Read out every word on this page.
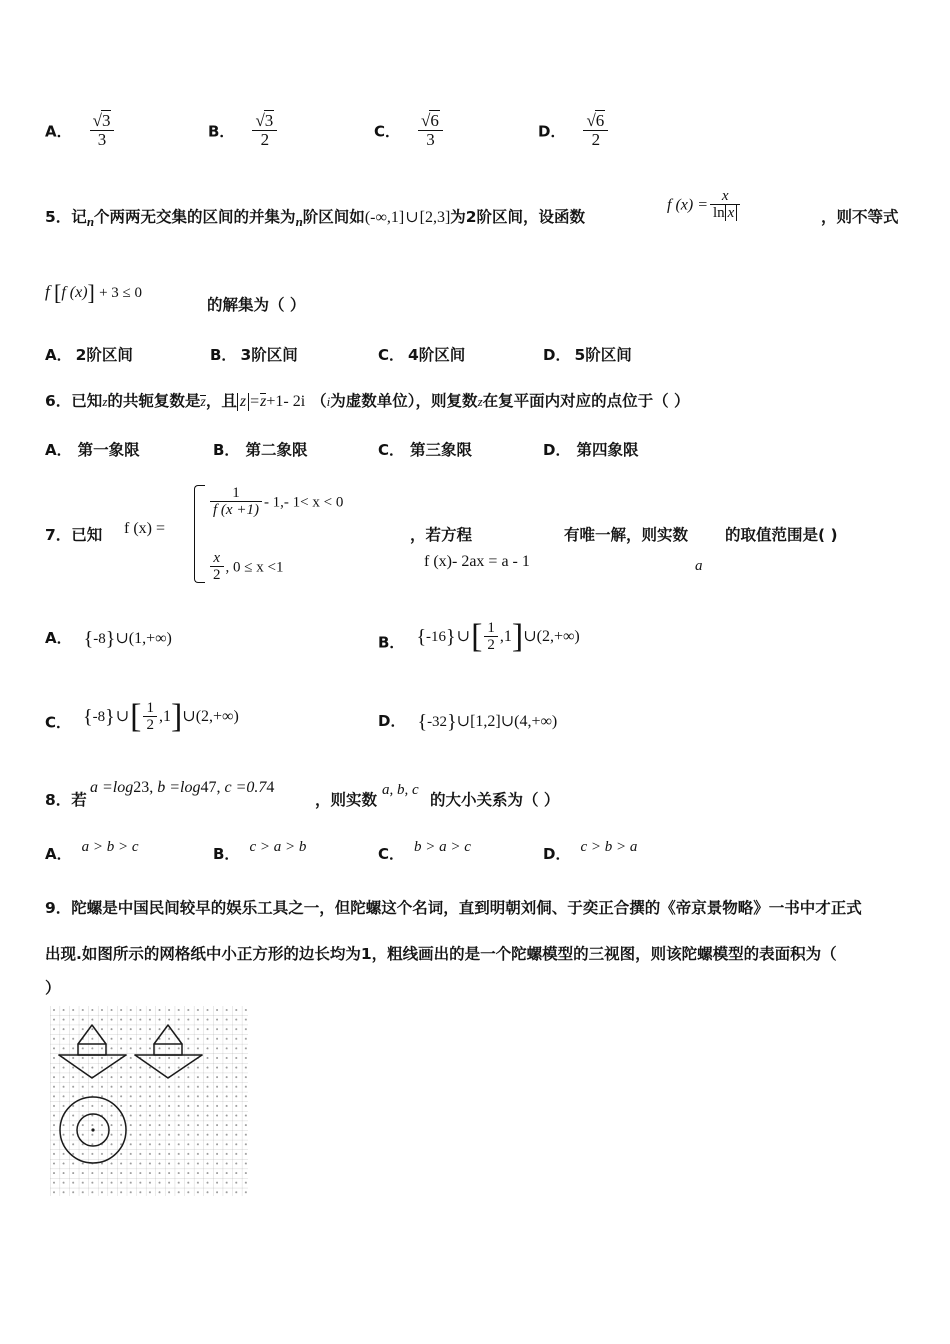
A． $\frac{√3}{3}$	B． $\frac{√3}{2}$	C． $\frac{√6}{3}$	D． $\frac{√6}{2}$
5．记$_n$个两两无交集的区间的并集为$_n$阶区间如(-∞,1]∪[2,3]为2阶区间，设函数
f $(x) = \frac{x}{\text{ln x}}$	，则不等式
f [f (x)] + 3 ≤ 0
的解集为（ ）
A． 2阶区间	B． 3阶区间	C． 4阶区间	D． 5阶区间
6．已知z的共轭复数是z，且 z =z+1- 2i （i为虚数单位），则复数z在复平面内对应的点位于（ ）
A． 第一象限	B． 第二象限	C． 第三象限	D． 第四象限
7．已知 f (x) =
$\frac{1}{f (x +1)} - 1,-$ 1< x < 0
$\frac{x}{2}$ , 0 ≤ x <1
，若方程
f (x)- 2ax = a - 1
有唯一解，则实数
a
的取值范围是( )
A． {-8}∪(1,+∞)	B． {-16}∪[ $\frac{1}{2}$ ,1]∪(2,+∞)
C． {-8}∪[ $\frac{1}{2}$ ,1]∪(2,+∞)	D． {-32}∪[1,2]∪(4,+∞)
8．若
a =log23, b =log47, c =0.74
，则实数
a, b, c
的大小关系为（ ）
A． a > b > c	B． c > a > b	C． b > a > c	D． c > b > a
9．陀螺是中国民间较早的娱乐工具之一，但陀螺这个名词，直到明朝刘侗、于奕正合撰的《帝京景物略》一书中才正式
出现.如图所示的网格纸中小正方形的边长均为1，粗线画出的是一个陀螺模型的三视图，则该陀螺模型的表面积为（
）
